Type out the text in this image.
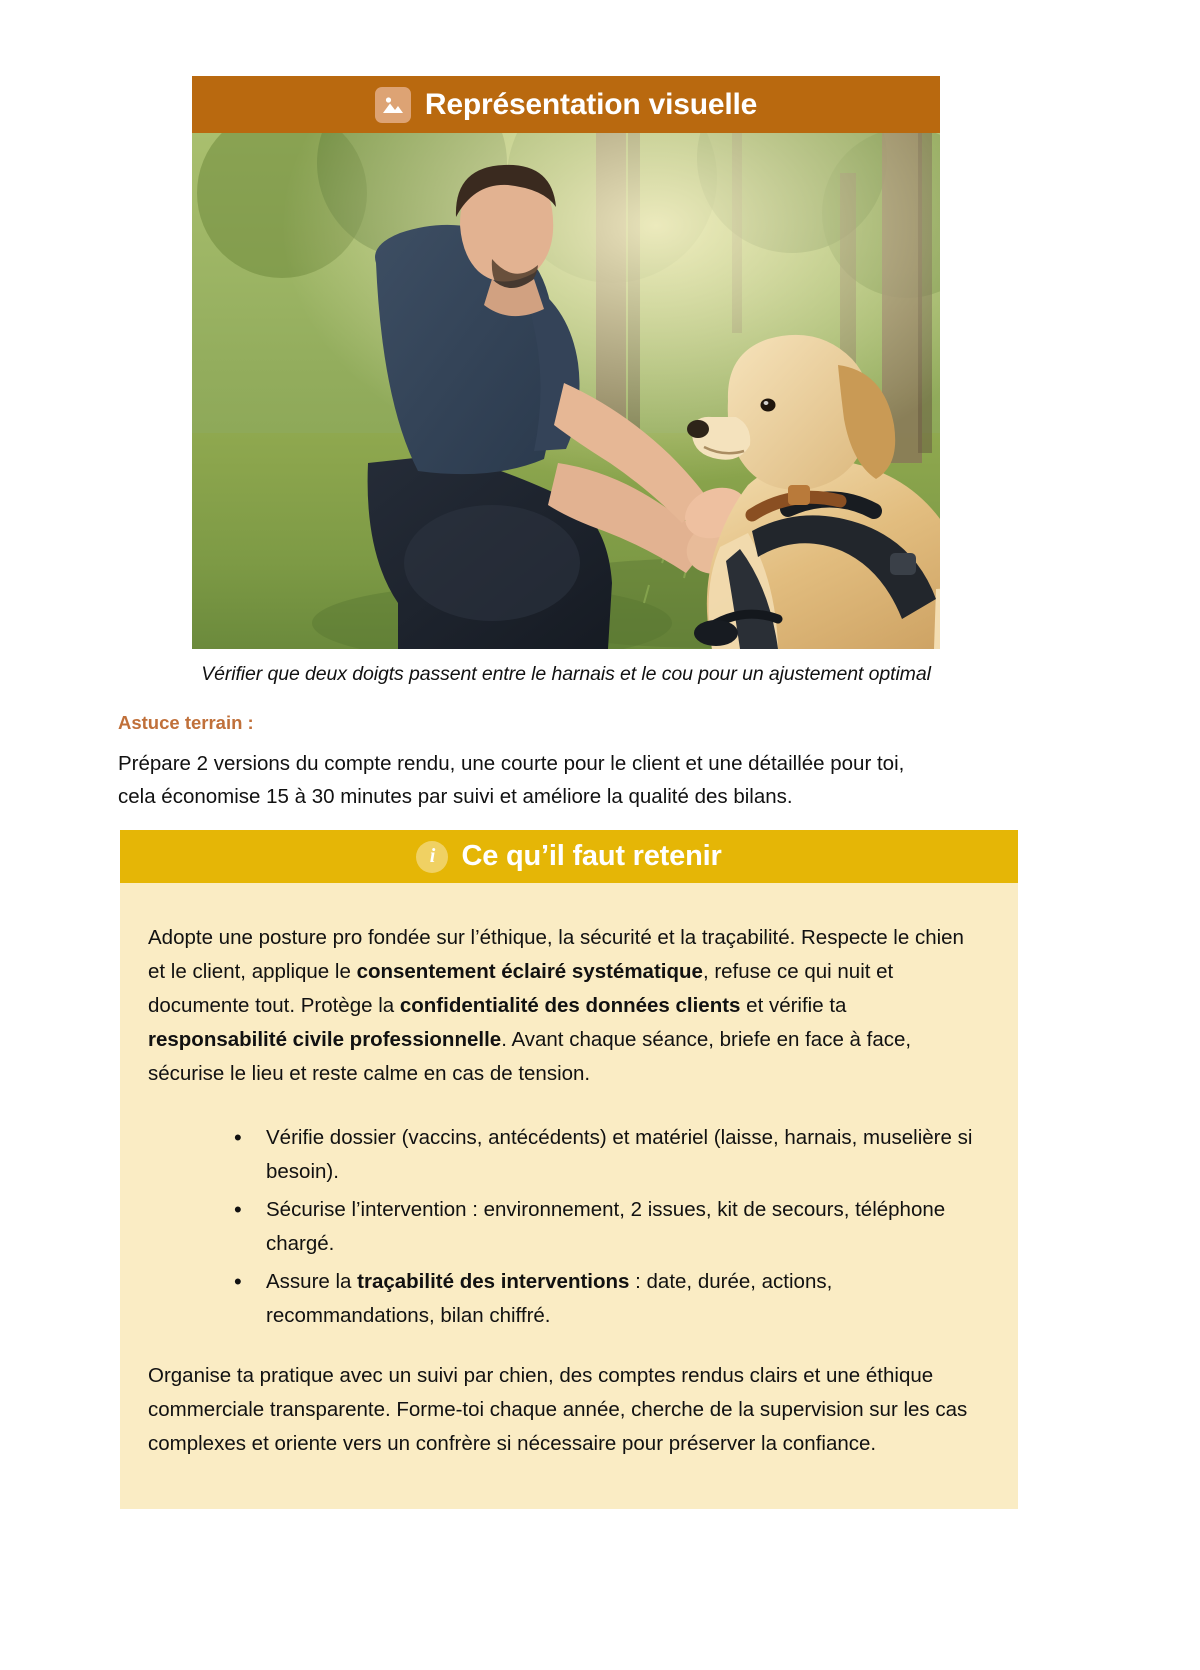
Représentation visuelle
Vérifier que deux doigts passent entre le harnais et le cou pour un ajustement optimal
Astuce terrain :
Prépare 2 versions du compte rendu, une courte pour le client et une détaillée pour toi,
cela économise 15 à 30 minutes par suivi et améliore la qualité des bilans.
i Ce qu’il faut retenir

Adopte une posture pro fondée sur l’éthique, la sécurité et la traçabilité. Respecte le chien et le client, applique le consentement éclairé systématique, refuse ce qui nuit et documente tout. Protège la confidentialité des données clients et vérifie ta responsabilité civile professionnelle. Avant chaque séance, briefe en face à face, sécurise le lieu et reste calme en cas de tension.

• Vérifie dossier (vaccins, antécédents) et matériel (laisse, harnais, muselière si besoin).
• Sécurise l’intervention : environnement, 2 issues, kit de secours, téléphone chargé.
• Assure la traçabilité des interventions : date, durée, actions, recommandations, bilan chiffré.

Organise ta pratique avec un suivi par chien, des comptes rendus clairs et une éthique commerciale transparente. Forme-toi chaque année, cherche de la supervision sur les cas complexes et oriente vers un confrère si nécessaire pour préserver la confiance.
